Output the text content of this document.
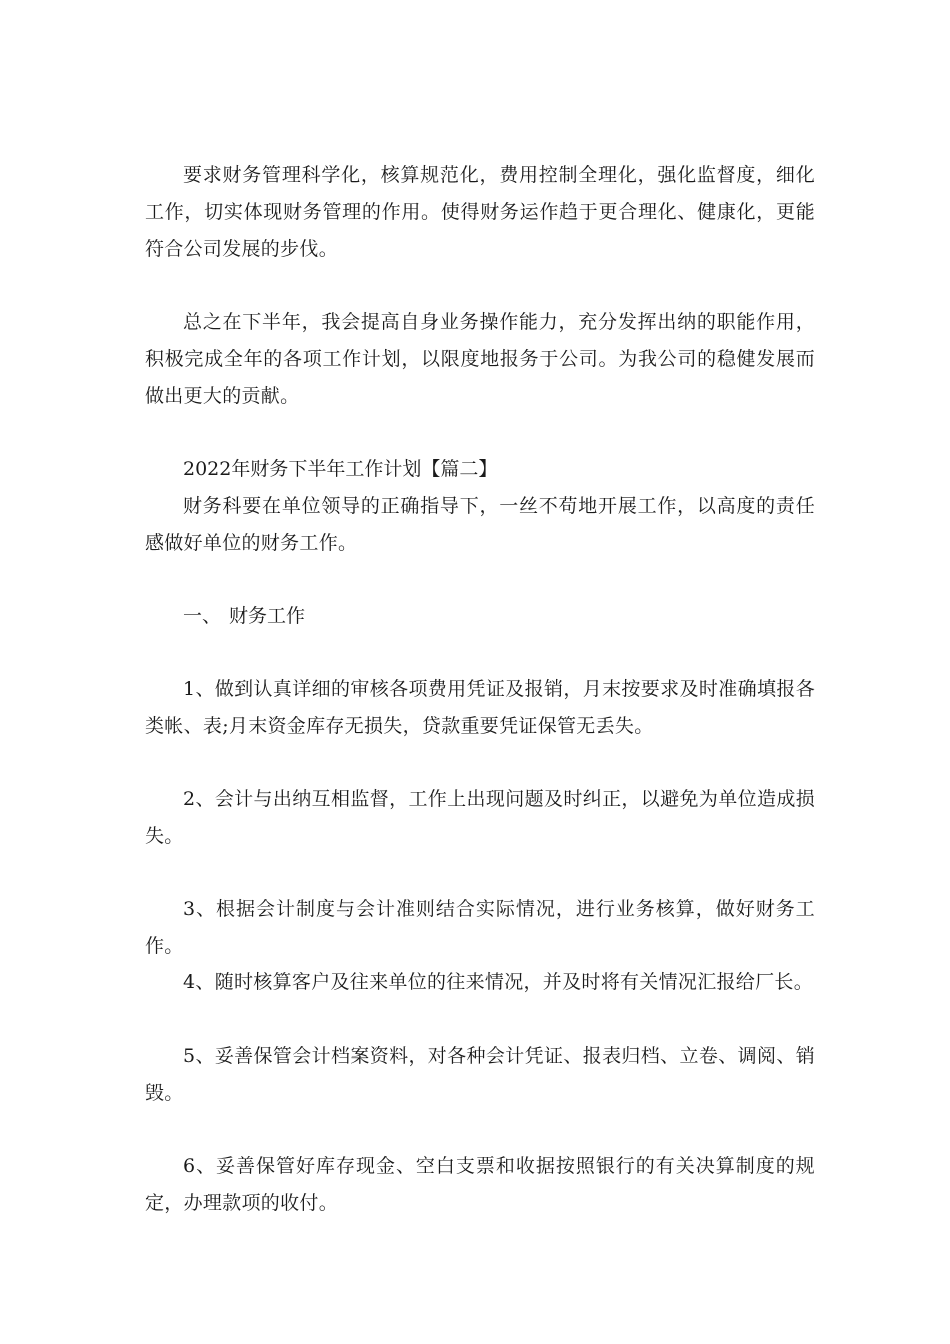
要求财务管理科学化，核算规范化，费用控制全理化，强化监督度，细化工作，切实体现财务管理的作用。使得财务运作趋于更合理化、健康化，更能符合公司发展的步伐。

总之在下半年，我会提高自身业务操作能力，充分发挥出纳的职能作用，积极完成全年的各项工作计划，以限度地报务于公司。为我公司的稳健发展而做出更大的贡献。

2022年财务下半年工作计划【篇二】

财务科要在单位领导的正确指导下，一丝不苟地开展工作，以高度的责任感做好单位的财务工作。

一、 财务工作

1、做到认真详细的审核各项费用凭证及报销，月末按要求及时准确填报各类帐、表;月末资金库存无损失，贷款重要凭证保管无丢失。

2、会计与出纳互相监督，工作上出现问题及时纠正，以避免为单位造成损失。

3、根据会计制度与会计准则结合实际情况，进行业务核算，做好财务工作。

4、随时核算客户及往来单位的往来情况，并及时将有关情况汇报给厂长。

5、妥善保管会计档案资料，对各种会计凭证、报表归档、立卷、调阅、销毁。

6、妥善保管好库存现金、空白支票和收据按照银行的有关决算制度的规定，办理款项的收付。
